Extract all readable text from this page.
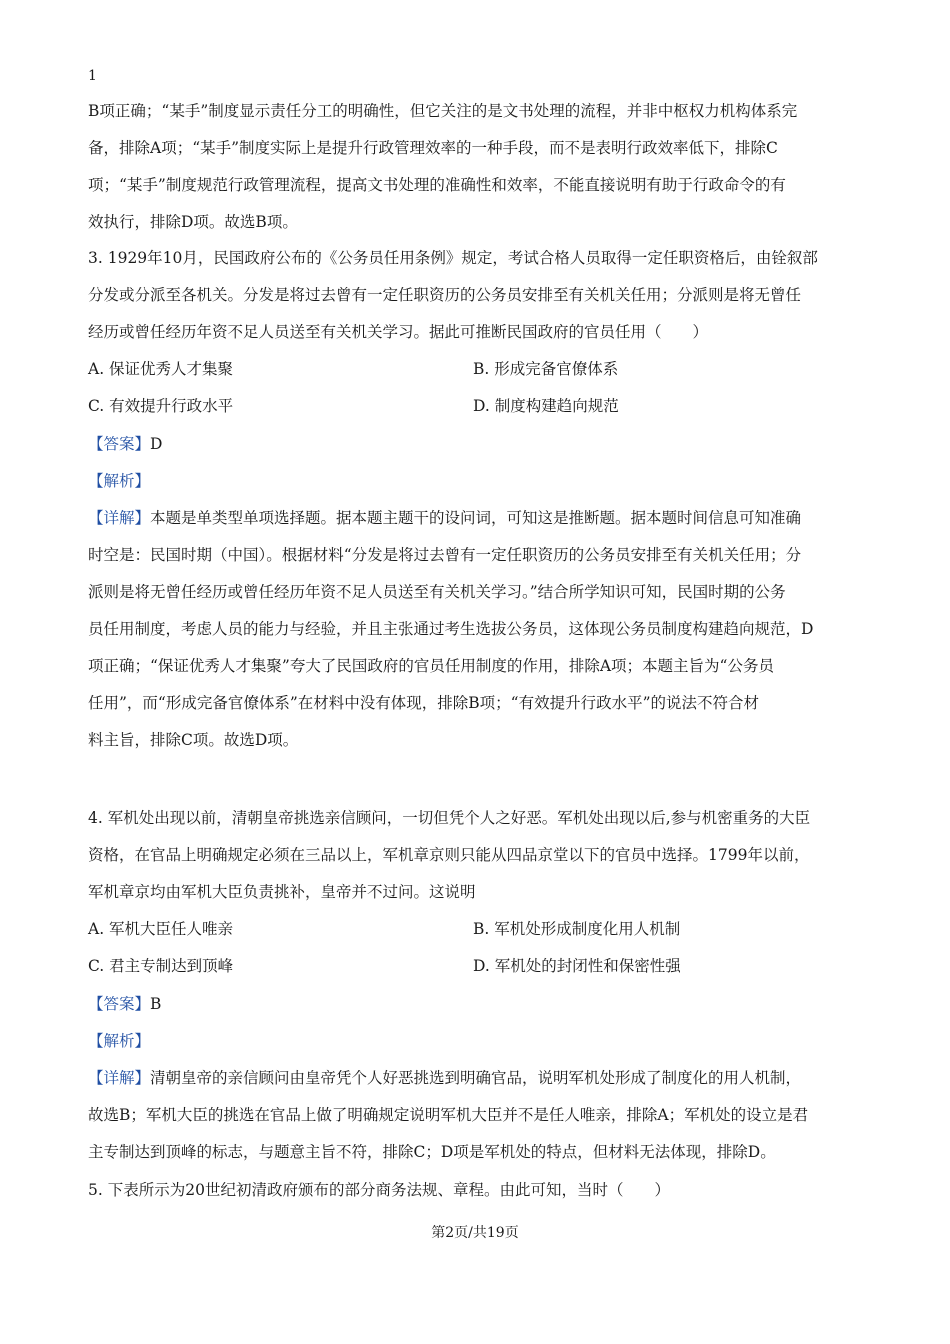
1
B项正确；“某手”制度显示责任分工的明确性，但它关注的是文书处理的流程，并非中枢权力机构体系完
备，排除A项；“某手”制度实际上是提升行政管理效率的一种手段，而不是表明行政效率低下，排除C
项；“某手”制度规范行政管理流程，提高文书处理的准确性和效率，不能直接说明有助于行政命令的有
效执行，排除D项。故选B项。
3. 1929年10月，民国政府公布的《公务员任用条例》规定，考试合格人员取得一定任职资格后，由铨叙部
分发或分派至各机关。分发是将过去曾有一定任职资历的公务员安排至有关机关任用；分派则是将无曾任
经历或曾任经历年资不足人员送至有关机关学习。据此可推断民国政府的官员任用（　　）
A. 保证优秀人才集聚	B. 形成完备官僚体系
C. 有效提升行政水平	D. 制度构建趋向规范
【答案】D
【解析】
【详解】本题是单类型单项选择题。据本题主题干的设问词，可知这是推断题。据本题时间信息可知准确
时空是：民国时期（中国）。根据材料“分发是将过去曾有一定任职资历的公务员安排至有关机关任用；分
派则是将无曾任经历或曾任经历年资不足人员送至有关机关学习。”结合所学知识可知，民国时期的公务
员任用制度，考虑人员的能力与经验，并且主张通过考生选拔公务员，这体现公务员制度构建趋向规范，D
项正确；“保证优秀人才集聚”夸大了民国政府的官员任用制度的作用，排除A项；本题主旨为“公务员
任用”，而“形成完备官僚体系”在材料中没有体现，排除B项；“有效提升行政水平”的说法不符合材
料主旨，排除C项。故选D项。
4. 军机处出现以前，清朝皇帝挑选亲信顾问，一切但凭个人之好恶。军机处出现以后,参与机密重务的大臣
资格，在官品上明确规定必须在三品以上，军机章京则只能从四品京堂以下的官员中选择。1799年以前，
军机章京均由军机大臣负责挑补，皇帝并不过问。这说明
A. 军机大臣任人唯亲	B. 军机处形成制度化用人机制
C. 君主专制达到顶峰	D. 军机处的封闭性和保密性强
【答案】B
【解析】
【详解】清朝皇帝的亲信顾问由皇帝凭个人好恶挑选到明确官品，说明军机处形成了制度化的用人机制，
故选B；军机大臣的挑选在官品上做了明确规定说明军机大臣并不是任人唯亲，排除A；军机处的设立是君
主专制达到顶峰的标志，与题意主旨不符，排除C；D项是军机处的特点，但材料无法体现，排除D。
5. 下表所示为20世纪初清政府颁布的部分商务法规、章程。由此可知，当时（　　）
第2页/共19页
